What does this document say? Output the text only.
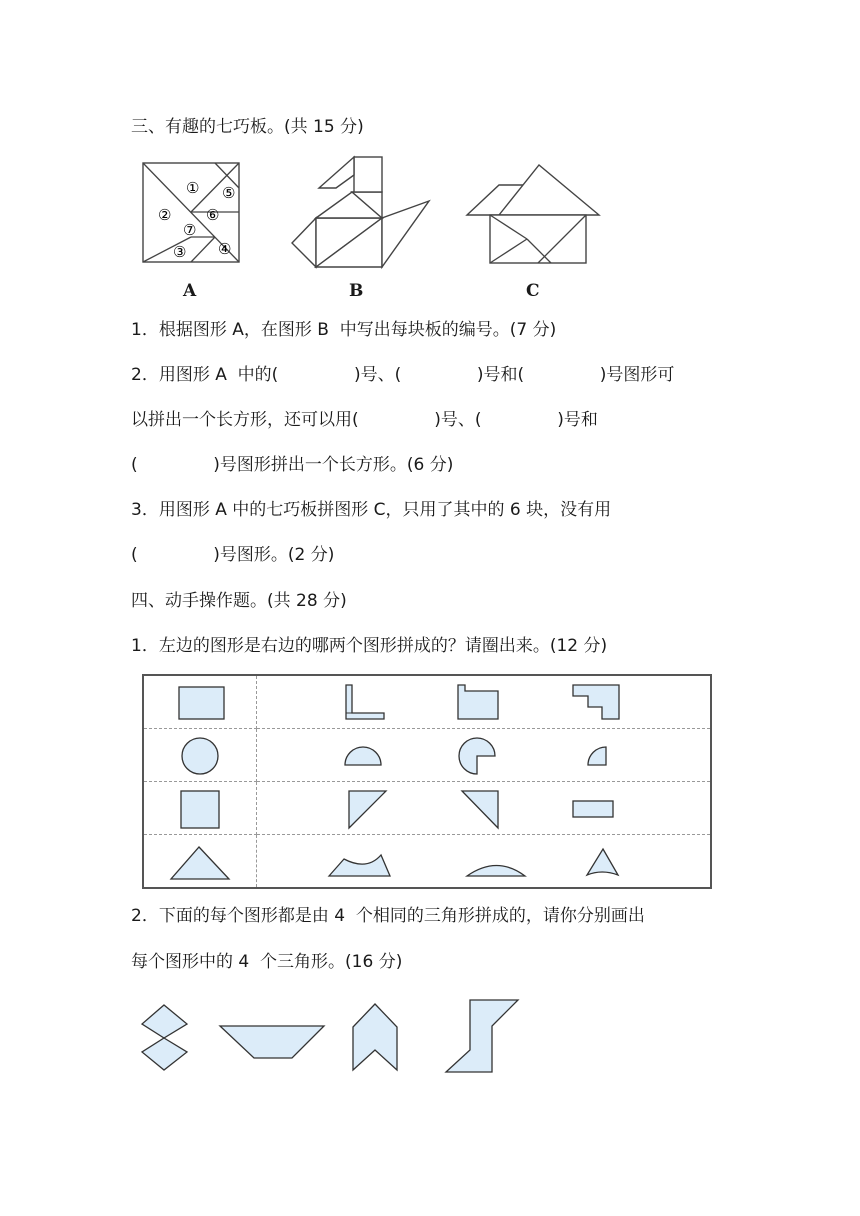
三、有趣的七巧板。(共 15 分)
①
②
③ ④
⑤
⑥
⑦
A	B	C
1．根据图形 A，在图形 B  中写出每块板的编号。(7 分)
2．用图形 A  中的(              )号、(              )号和(              )号图形可
以拼出一个长方形，还可以用(              )号、(              )号和
(              )号图形拼出一个长方形。(6 分)
3．用图形 A 中的七巧板拼图形 C，只用了其中的 6 块，没有用
(              )号图形。(2 分)
四、动手操作题。(共 28 分)
1．左边的图形是右边的哪两个图形拼成的？请圈出来。(12 分)

2．下面的每个图形都是由 4  个相同的三角形拼成的，请你分别画出
每个图形中的 4  个三角形。(16 分)
